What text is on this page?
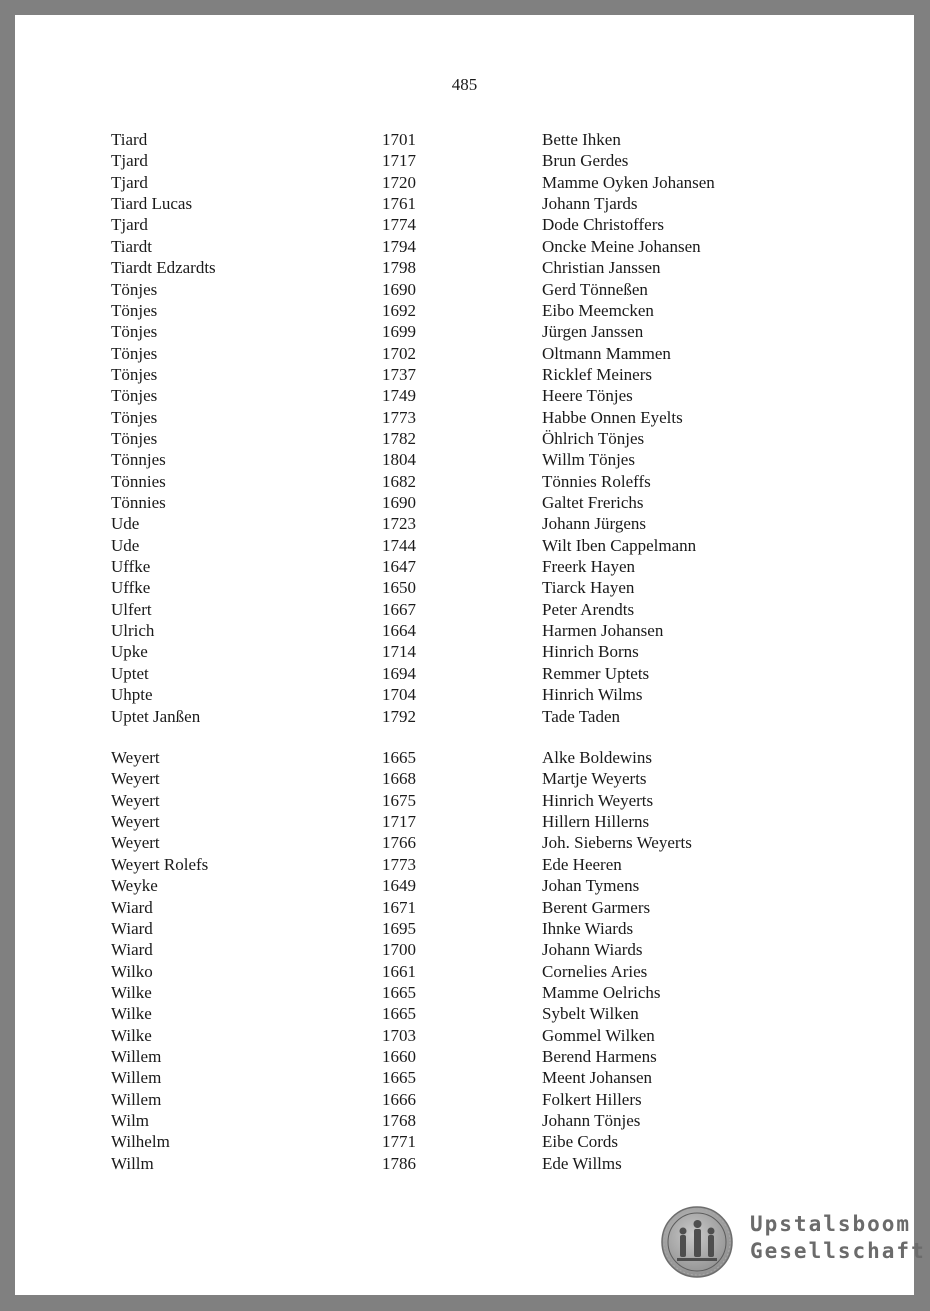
485
Tiard	1701	Bette Ihken
Tjard	1717	Brun Gerdes
Tjard	1720	Mamme Oyken Johansen
Tiard Lucas	1761	Johann Tjards
Tjard	1774	Dode Christoffers
Tiardt	1794	Oncke Meine Johansen
Tiardt Edzardts	1798	Christian Janssen
Tönjes	1690	Gerd Tönneßen
Tönjes	1692	Eibo Meemcken
Tönjes	1699	Jürgen Janssen
Tönjes	1702	Oltmann Mammen
Tönjes	1737	Ricklef Meiners
Tönjes	1749	Heere Tönjes
Tönjes	1773	Habbe Onnen Eyelts
Tönjes	1782	Öhlrich Tönjes
Tönnjes	1804	Willm Tönjes
Tönnies	1682	Tönnies Roleffs
Tönnies	1690	Galtet Frerichs
Ude	1723	Johann Jürgens
Ude	1744	Wilt Iben Cappelmann
Uffke	1647	Freerk Hayen
Uffke	1650	Tiarck Hayen
Ulfert	1667	Peter Arendts
Ulrich	1664	Harmen Johansen
Upke	1714	Hinrich Borns
Uptet	1694	Remmer Uptets
Uhpte	1704	Hinrich Wilms
Uptet Janßen	1792	Tade Taden
Weyert	1665	Alke Boldewins
Weyert	1668	Martje Weyerts
Weyert	1675	Hinrich Weyerts
Weyert	1717	Hillern Hillerns
Weyert	1766	Joh. Sieberns Weyerts
Weyert Rolefs	1773	Ede Heeren
Weyke	1649	Johan Tymens
Wiard	1671	Berent Garmers
Wiard	1695	Ihnke Wiards
Wiard	1700	Johann Wiards
Wilko	1661	Cornelies Aries
Wilke	1665	Mamme Oelrichs
Wilke	1665	Sybelt Wilken
Wilke	1703	Gommel Wilken
Willem	1660	Berend Harmens
Willem	1665	Meent Johansen
Willem	1666	Folkert Hillers
Wilm	1768	Johann Tönjes
Wilhelm	1771	Eibe Cords
Willm	1786	Ede Willms
Upstalsboom
Gesellschaft
